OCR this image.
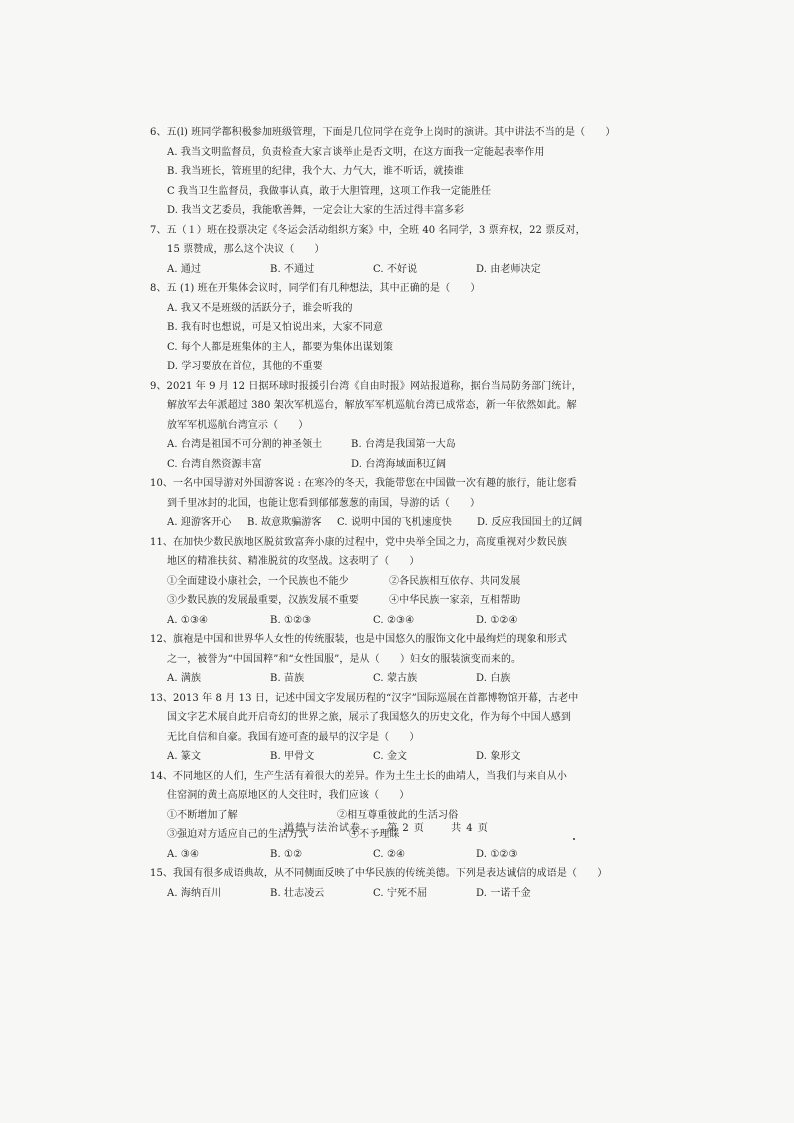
6、五(l) 班同学都积极参加班级管理，下面是几位同学在竞争上岗时的演讲。其中讲法不当的是（　　）
A. 我当文明监督员，负责检查大家言谈举止是否文明，在这方面我一定能起表率作用
B. 我当班长，管班里的纪律，我个大、力气大，谁不听话，就揍谁
C 我当卫生监督员，我做事认真，敢于大胆管理，这项工作我一定能胜任
D. 我当文艺委员，我能歌善舞，一定会让大家的生活过得丰富多彩
7、五（１）班在投票决定《冬运会活动组织方案》中，全班 40 名同学，3 票弃权，22 票反对，
15 票赞成，那么这个决议（　　）
A. 通过	B. 不通过	C. 不好说	D. 由老师决定
8、五 (1) 班在开集体会议时，同学们有几种想法，其中正确的是（　　）
A. 我又不是班级的活跃分子，谁会听我的
B. 我有时也想说，可是又怕说出来，大家不同意
C. 每个人都是班集体的主人，都要为集体出谋划策
D. 学习要放在首位，其他的不重要
9、2021 年 9 月 12 日据环球时报援引台湾《自由时报》网站报道称，据台当局防务部门统计，
解放军去年派超过 380 架次军机巡台，解放军军机巡航台湾已成常态，新一年依然如此。解
放军军机巡航台湾宣示（　　）
A. 台湾是祖国不可分割的神圣领土	B. 台湾是我国第一大岛
C. 台湾自然资源丰富	D. 台湾海域面积辽阔
10、一名中国导游对外国游客说 : 在寒冷的冬天，我能带您在中国做一次有趣的旅行，能让您看
到千里冰封的北国，也能让您看到郁郁葱葱的南国，导游的话（　　）
A. 迎游客开心	B. 故意欺骗游客	C. 说明中国的飞机速度快	D. 反应我国国土的辽阔
11、在加快少数民族地区脱贫致富奔小康的过程中，党中央举全国之力，高度重视对少数民族
地区的精准扶贫、精准脱贫的攻坚战。这表明了（　　）
①全面建设小康社会，一个民族也不能少	②各民族相互依存、共同发展
③少数民族的发展最重要，汉族发展不重要	④中华民族一家亲，互相帮助
A. ①③④	B. ①②③	C. ②③④	D. ①②④
12、旗袍是中国和世界华人女性的传统服装，也是中国悠久的服饰文化中最绚烂的现象和形式
之一，被誉为“中国国粹”和“女性国服”，是从（　　）妇女的服装演变而来的。
A. 满族	B. 苗族	C. 蒙古族	D. 白族
13、2013 年 8 月 13 日，记述中国文字发展历程的“汉字”国际巡展在首都博物馆开幕，古老中
国文字艺术展自此开启奇幻的世界之旅，展示了我国悠久的历史文化，作为每个中国人感到
无比自信和自豪。我国有迹可查的最早的汉字是（　　）
A. 篆文	B. 甲骨文	C. 金文	D. 象形文
14、不同地区的人们，生产生活有着很大的差异。作为土生土长的曲靖人，当我们与来自从小
住窑洞的黄土高原地区的人交往时，我们应该（　　）
①不断增加了解	②相互尊重彼此的生活习俗
③强迫对方适应自己的生活方式	④不予理睬
A. ③④	B. ①②	C. ②④	D. ①②③
15、我国有很多成语典故，从不同侧面反映了中华民族的传统美德。下列是表达诚信的成语是（　　）
A. 海纳百川	B. 壮志凌云	C. 宁死不屈	D. 一诺千金
道德与法治试卷	第 2 页	共 4 页
